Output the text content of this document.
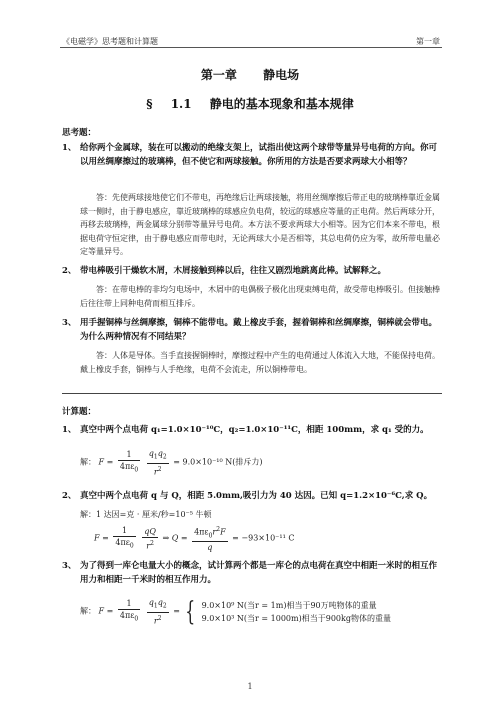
《电磁学》思考题和计算题	第一章
第一章 静电场
§ 1.1 静电的基本现象和基本规律
思考题：
1、 给你两个金属球，装在可以搬动的绝缘支架上，试指出使这两个球带等量异号电荷的方向。你可以用丝绸摩擦过的玻璃棒，但不使它和两球接触。你所用的方法是否要求两球大小相等？
答：先使两球接地使它们不带电，再绝缘后让两球接触，将用丝绸摩擦后带正电的玻璃棒靠近金属球一侧时，由于静电感应，靠近玻璃棒的球感应负电荷，较远的球感应等量的正电荷。然后两球分开，再移去玻璃棒，两金属球分别带等量异号电荷。本方法不要求两球大小相等。因为它们本来不带电，根据电荷守恒定律，由于静电感应而带电时，无论两球大小是否相等，其总电荷仍应为零，故所带电量必定等量异号。
2、 带电棒吸引干燥软木屑，木屑接触到棒以后，往往又剧烈地跳离此棒。试解释之。
答：在带电棒的非均匀电场中，木屑中的电偶极子极化出现束缚电荷，故受带电棒吸引。但接触棒后往往带上同种电荷而相互排斥。
3、 用手握铜棒与丝绸摩擦，铜棒不能带电。戴上橡皮手套，握着铜棒和丝绸摩擦，铜棒就会带电。为什么两种情况有不同结果？
答：人体是导体。当手直接握铜棒时，摩擦过程中产生的电荷通过人体流入大地，不能保持电荷。戴上橡皮手套，铜棒与人手绝缘，电荷不会流走，所以铜棒带电。
计算题：
1、 真空中两个点电荷 q₁=1.0×10⁻¹⁰C，q₂=1.0×10⁻¹¹C，相距 100mm，求 q₁ 受的力。
解： $F = \frac{1}{4\pi\varepsilon_0}$
$\frac{q_1q_2}{r^2} = 9.0\times 10^{-10}$ N(排斥力)
2、 真空中两个点电荷 q 与 Q，相距 5.0mm,吸引力为 40 达因。已知 q=1.2×10⁻⁶C,求 Q。
解：1 达因=克 · 厘米/秒=10⁻⁵ 牛顿
$F = \frac{1}{4\pi\varepsilon_0}$
$\frac{qQ}{r^2}$ ⇒ $Q = \frac{4\pi\varepsilon_0r^2F}{q} = -93\times 10^{-11}$ C
3、 为了得到一库仑电量大小的概念，试计算两个都是一库仑的点电荷在真空中相距一米时的相互作用力和相距一千米时的相互作用力。
解： $F = \frac{1}{4\pi\varepsilon_0}$
$\frac{q_1q_2}{r^2}$ = { 9.0×10⁹ N(当r = 1m)相当于90万吨物体的重量
9.0×10³ N(当r = 1000m)相当于900kg物体的重量
1
